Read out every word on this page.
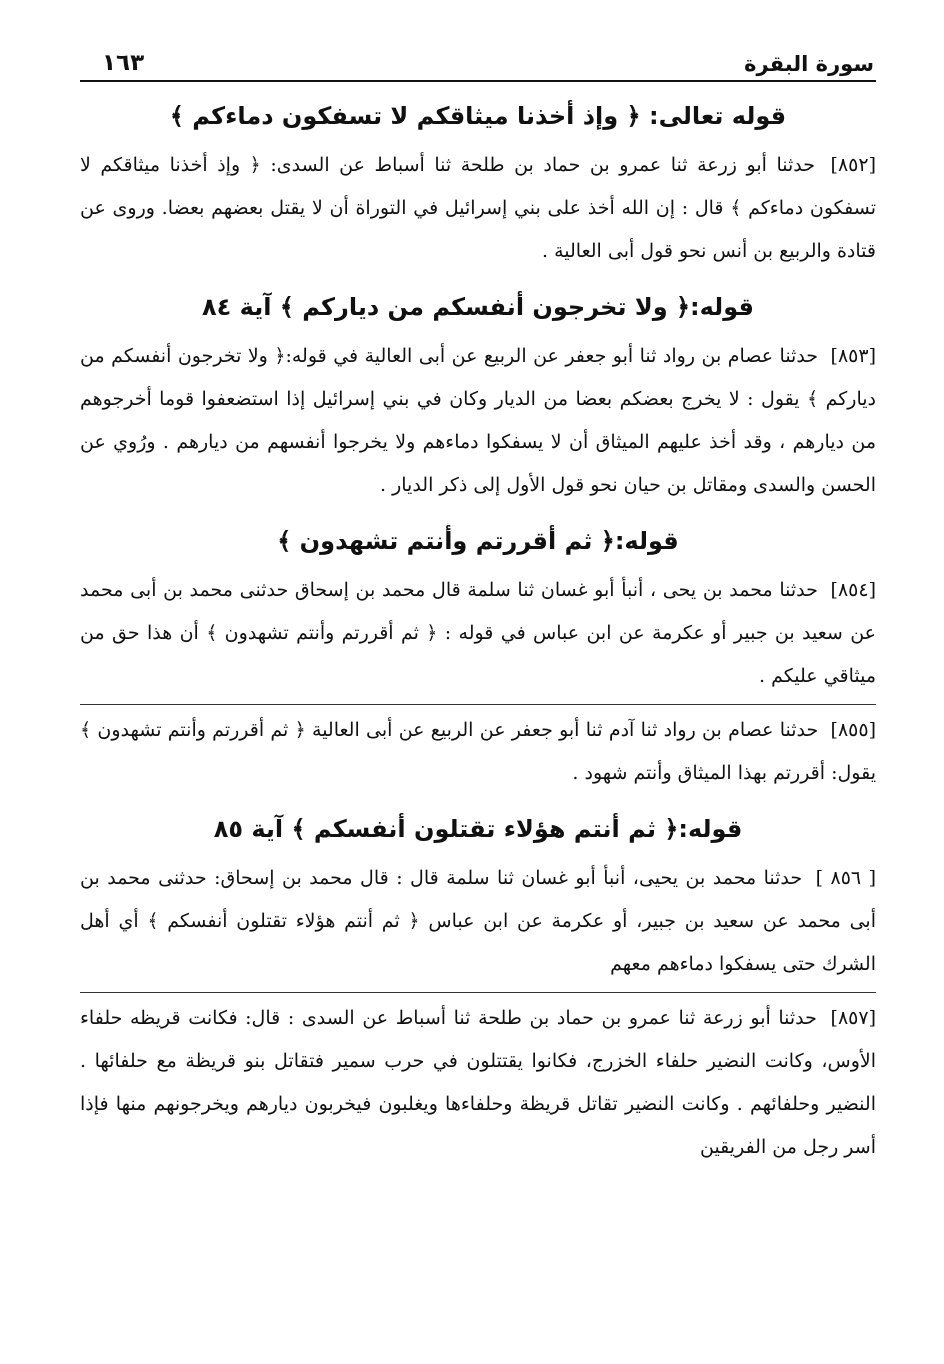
سورة البقرة
١٦٣
قوله تعالى: ﴿ وإذ أخذنا ميثاقكم لا تسفكون دماءكم ﴾

[٨٥٢] حدثنا أبو زرعة ثنا عمرو بن حماد بن طلحة ثنا أسباط عن السدى: ﴿ وإذ أخذنا ميثاقكم لا تسفكون دماءكم ﴾ قال : إن الله أخذ على بني إسرائيل في التوراة أن لا يقتل بعضهم بعضا. وروى عن قتادة والربيع بن أنس نحو قول أبى العالية .

قوله:﴿ ولا تخرجون أنفسكم من دياركم ﴾ آية ٨٤

[٨٥٣] حدثنا عصام بن رواد ثنا أبو جعفر عن الربيع عن أبى العالية في قوله:﴿ ولا تخرجون أنفسكم من دياركم ﴾ يقول : لا يخرج بعضكم بعضا من الديار وكان في بني إسرائيل إذا استضعفوا قوما أخرجوهم من ديارهم ، وقد أخذ عليهم الميثاق أن لا يسفكوا دماءهم ولا يخرجوا أنفسهم من ديارهم . ورُوي عن الحسن والسدى ومقاتل بن حيان نحو قول الأول إلى ذكر الديار .

قوله:﴿ ثم أقررتم وأنتم تشهدون ﴾

[٨٥٤] حدثنا محمد بن يحى ، أنبأ أبو غسان ثنا سلمة قال محمد بن إسحاق حدثنى محمد بن أبى محمد عن سعيد بن جبير أو عكرمة عن ابن عباس في قوله : ﴿ ثم أقررتم وأنتم تشهدون ﴾ أن هذا حق من ميثاقي عليكم .

[٨٥٥] حدثنا عصام بن رواد ثنا آدم ثنا أبو جعفر عن الربيع عن أبى العالية ﴿ ثم أقررتم وأنتم تشهدون ﴾ يقول: أقررتم بهذا الميثاق وأنتم شهود .

قوله:﴿ ثم أنتم هؤلاء تقتلون أنفسكم ﴾ آية ٨٥

[ ٨٥٦ ] حدثنا محمد بن يحيى، أنبأ أبو غسان ثنا سلمة قال : قال محمد بن إسحاق: حدثنى محمد بن أبى محمد عن سعيد بن جبير، أو عكرمة عن ابن عباس ﴿ ثم أنتم هؤلاء تقتلون أنفسكم ﴾ أي أهل الشرك حتى يسفكوا دماءهم معهم

[٨٥٧] حدثنا أبو زرعة ثنا عمرو بن حماد بن طلحة ثنا أسباط عن السدى : قال: فكانت قريظه حلفاء الأوس، وكانت النضير حلفاء الخزرج، فكانوا يقتتلون في حرب سمير فتقاتل بنو قريظة مع حلفائها . النضير وحلفائهم . وكانت النضير تقاتل قريظة وحلفاءها ويغلبون فيخربون ديارهم ويخرجونهم منها فإذا أسر رجل من الفريقين
